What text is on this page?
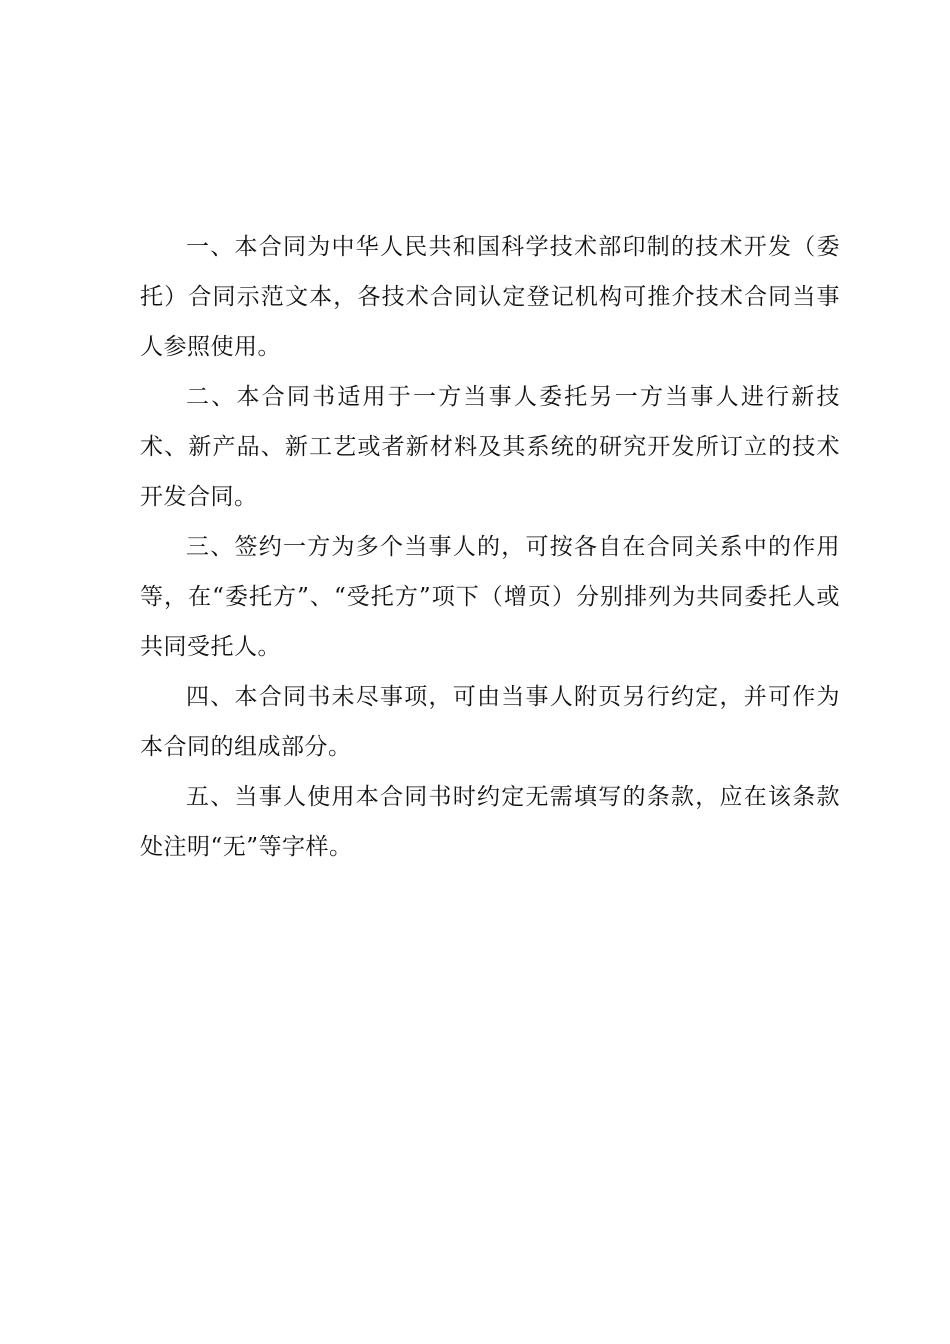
一、本合同为中华人民共和国科学技术部印制的技术开发（委托）合同示范文本，各技术合同认定登记机构可推介技术合同当事人参照使用。

二、本合同书适用于一方当事人委托另一方当事人进行新技术、新产品、新工艺或者新材料及其系统的研究开发所订立的技术开发合同。

三、签约一方为多个当事人的，可按各自在合同关系中的作用等，在“委托方”、“受托方”项下（增页）分别排列为共同委托人或共同受托人。

四、本合同书未尽事项，可由当事人附页另行约定，并可作为本合同的组成部分。

五、当事人使用本合同书时约定无需填写的条款，应在该条款处注明“无”等字样。
